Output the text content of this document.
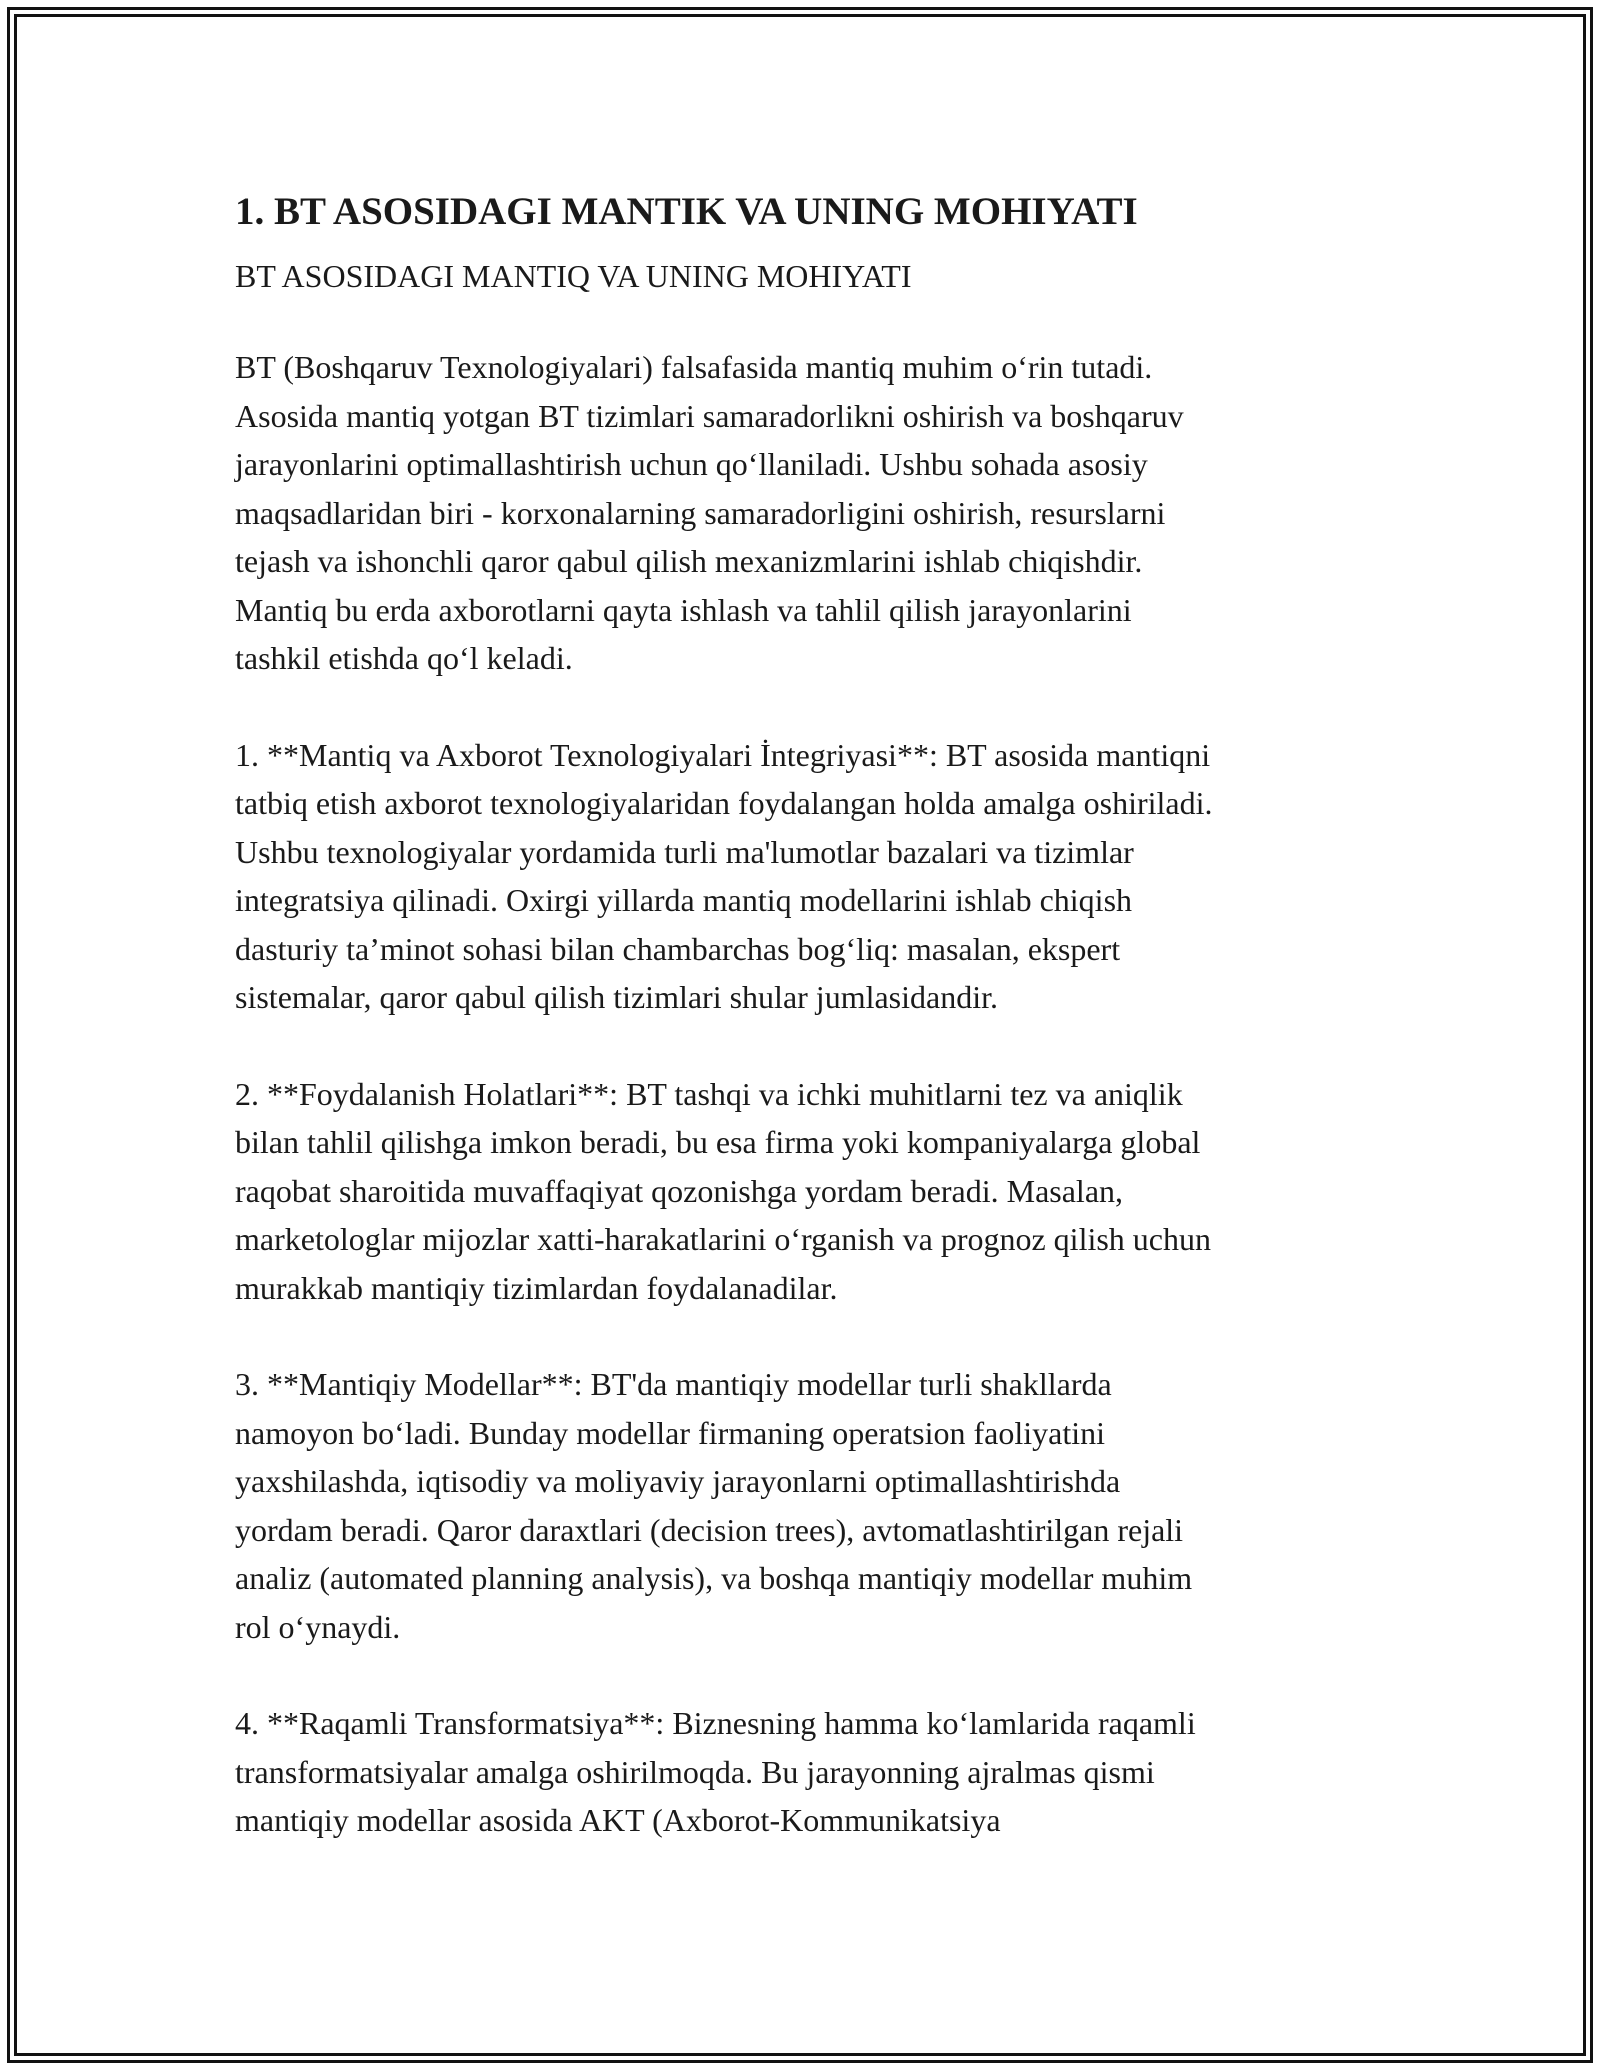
1. BT ASOSIDAGI MANTIK VA UNING MOHIYATI
BT ASOSIDAGI MANTIQ VA UNING MOHIYATI
BT (Boshqaruv Texnologiyalari) falsafasida mantiq muhim o‘rin tutadi.
Asosida mantiq yotgan BT tizimlari samaradorlikni oshirish va boshqaruv
jarayonlarini optimallashtirish uchun qo‘llaniladi. Ushbu sohada asosiy
maqsadlaridan biri - korxonalarning samaradorligini oshirish, resurslarni
tejash va ishonchli qaror qabul qilish mexanizmlarini ishlab chiqishdir.
Mantiq bu erda axborotlarni qayta ishlash va tahlil qilish jarayonlarini
tashkil etishda qo‘l keladi.
1. **Mantiq va Axborot Texnologiyalari İntegriyasi**: BT asosida mantiqni
tatbiq etish axborot texnologiyalaridan foydalangan holda amalga oshiriladi.
Ushbu texnologiyalar yordamida turli ma'lumotlar bazalari va tizimlar
integratsiya qilinadi. Oxirgi yillarda mantiq modellarini ishlab chiqish
dasturiy ta’minot sohasi bilan chambarchas bog‘liq: masalan, ekspert
sistemalar, qaror qabul qilish tizimlari shular jumlasidandir.
2. **Foydalanish Holatlari**: BT tashqi va ichki muhitlarni tez va aniqlik
bilan tahlil qilishga imkon beradi, bu esa firma yoki kompaniyalarga global
raqobat sharoitida muvaffaqiyat qozonishga yordam beradi. Masalan,
marketologlar mijozlar xatti-harakatlarini o‘rganish va prognoz qilish uchun
murakkab mantiqiy tizimlardan foydalanadilar.
3. **Mantiqiy Modellar**: BT'da mantiqiy modellar turli shakllarda
namoyon bo‘ladi. Bunday modellar firmaning operatsion faoliyatini
yaxshilashda, iqtisodiy va moliyaviy jarayonlarni optimallashtirishda
yordam beradi. Qaror daraxtlari (decision trees), avtomatlashtirilgan rejali
analiz (automated planning analysis), va boshqa mantiqiy modellar muhim
rol o‘ynaydi.
4. **Raqamli Transformatsiya**: Biznesning hamma ko‘lamlarida raqamli
transformatsiyalar amalga oshirilmoqda. Bu jarayonning ajralmas qismi
mantiqiy modellar asosida AKT (Axborot-Kommunikatsiya
